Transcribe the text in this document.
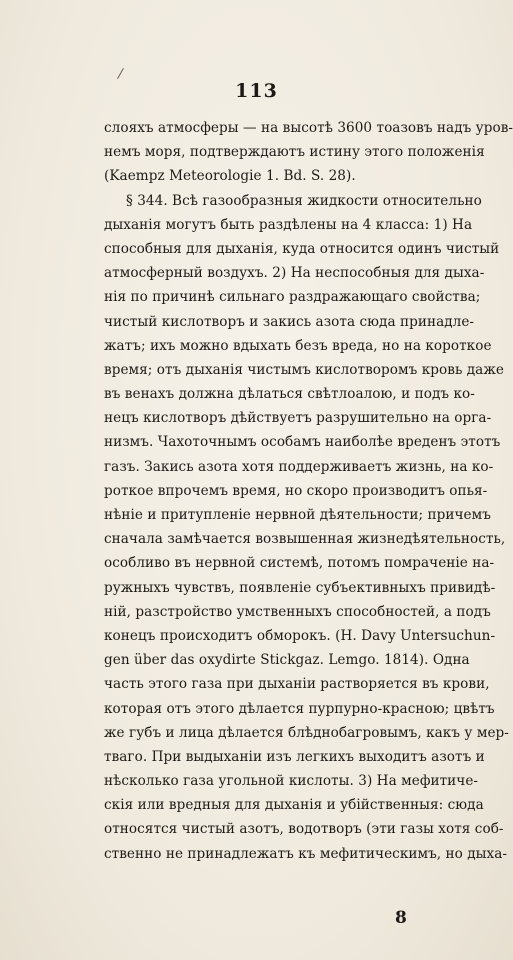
/
113
слояхъ атмосферы — на высотѣ 3600 тоазовъ надъ уров-
немъ моря, подтверждаютъ истину этого положенія
(Kaempz Meteorologie 1. Bd. S. 28).
§ 344. Всѣ газообразныя жидкости относительно
дыханія могутъ быть раздѣлены на 4 класса: 1) На
способныя для дыханія, куда относится одинъ чистый
атмосферный воздухъ. 2) На неспособныя для дыха-
нія по причинѣ сильнаго раздражающаго свойства;
чистый кислотворъ и закись азота сюда принадле-
жатъ; ихъ можно вдыхать безъ вреда, но на короткое
время; отъ дыханія чистымъ кислотворомъ кровь даже
въ венахъ должна дѣлаться свѣтлоалою, и подъ ко-
нецъ кислотворъ дѣйствуетъ разрушительно на орга-
низмъ. Чахоточнымъ особамъ наиболѣе вреденъ этотъ
газъ. Закись азота хотя поддерживаетъ жизнь, на ко-
роткое впрочемъ время, но скоро производитъ опья-
нѣніе и притупленіе нервной дѣятельности; причемъ
сначала замѣчается возвышенная жизнедѣятельность,
особливо въ нервной системѣ, потомъ помраченіе на-
ружныхъ чувствъ, появленіе субъективныхъ привидѣ-
ній, разстройство умственныхъ способностей, а подъ
конецъ происходитъ обморокъ. (H. Davy Untersuchun-
gen über das oxydirte Stickgaz. Lemgo. 1814). Одна
часть этого газа при дыханіи растворяется въ крови,
которая отъ этого дѣлается пурпурно-красною; цвѣтъ
же губъ и лица дѣлается блѣднобагровымъ, какъ у мер-
тваго. При выдыханіи изъ легкихъ выходитъ азотъ и
нѣсколько газа угольной кислоты. 3) На мефитиче-
скія или вредныя для дыханія и убійственныя: сюда
относятся чистый азотъ, водотворъ (эти газы хотя соб-
ственно не принадлежатъ къ мефитическимъ, но дыха-
8
